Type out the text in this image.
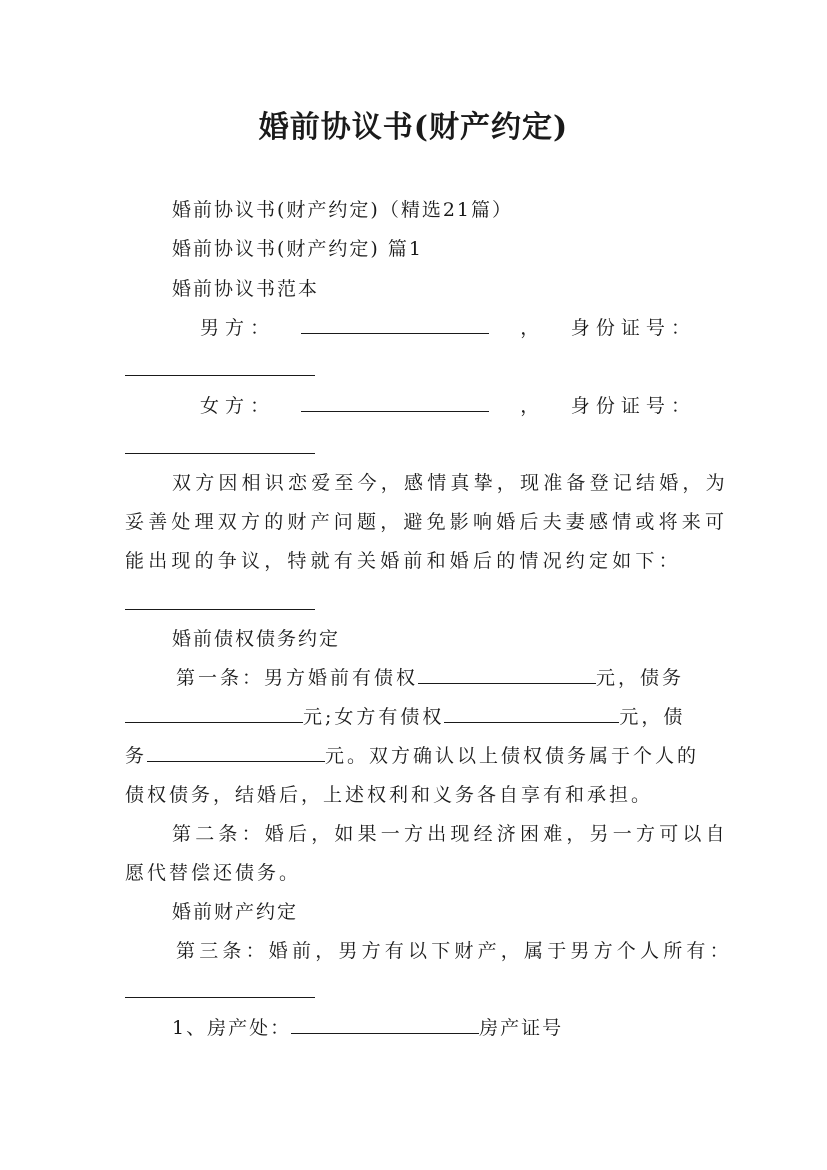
婚前协议书(财产约定)
婚前协议书(财产约定)（精选21篇）
婚前协议书(财产约定) 篇1
婚前协议书范本
男 方 ：	， 身 份 证 号 ：
女 方 ：	， 身 份 证 号 ：
双方因相识恋爱至今，感情真挚，现准备登记结婚，为
妥善处理双方的财产问题，避免影响婚后夫妻感情或将来可
能出现的争议，特就有关婚前和婚后的情况约定如下：
婚前债权债务约定
第一条：男方婚前有债权	元，债务
元;女方有债权	元，债
务	元。双方确认以上债权债务属于个人的
债权债务，结婚后，上述权利和义务各自享有和承担。
第二条：婚后，如果一方出现经济困难，另一方可以自
愿代替偿还债务。
婚前财产约定
第三条：婚前，男方有以下财产，属于男方个人所有：
1、房产处：	房产证号
